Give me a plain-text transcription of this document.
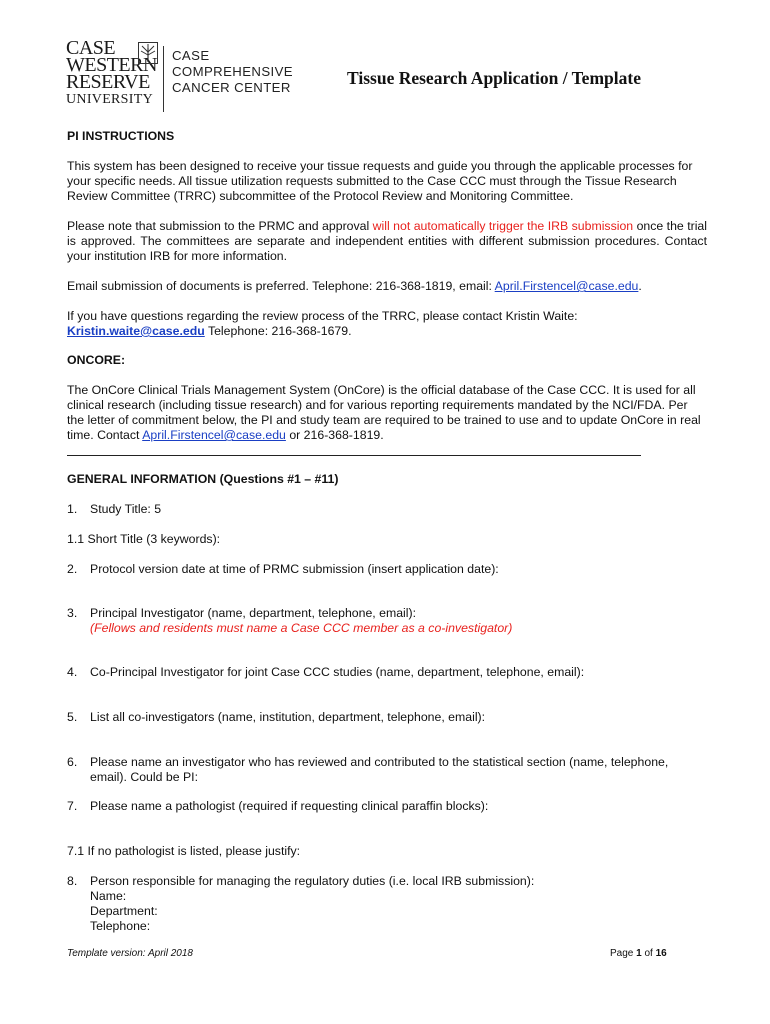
CASE
WESTERN
RESERVE
UNIVERSITY
CASE
COMPREHENSIVE
CANCER CENTER	Tissue Research Application / Template
PI INSTRUCTIONS
This system has been designed to receive your tissue requests and guide you through the applicable processes for your specific needs. All tissue utilization requests submitted to the Case CCC must through the Tissue Research Review Committee (TRRC) subcommittee of the Protocol Review and Monitoring Committee.
Please note that submission to the PRMC and approval will not automatically trigger the IRB submission once the trial is approved. The committees are separate and independent entities with different submission procedures. Contact your institution IRB for more information.
Email submission of documents is preferred. Telephone: 216-368-1819, email: April.Firstencel@case.edu.
If you have questions regarding the review process of the TRRC, please contact Kristin Waite: Kristin.waite@case.edu Telephone: 216-368-1679.
ONCORE:
The OnCore Clinical Trials Management System (OnCore) is the official database of the Case CCC. It is used for all clinical research (including tissue research) and for various reporting requirements mandated by the NCI/FDA. Per the letter of commitment below, the PI and study team are required to be trained to use and to update OnCore in real time. Contact April.Firstencel@case.edu or 216-368-1819.
GENERAL INFORMATION (Questions #1 – #11)
1.	Study Title: 5
1.1 Short Title (3 keywords):
2.	Protocol version date at time of PRMC submission (insert application date):
3.	Principal Investigator (name, department, telephone, email):
(Fellows and residents must name a Case CCC member as a co-investigator)
4.	Co-Principal Investigator for joint Case CCC studies (name, department, telephone, email):
5.	List all co-investigators (name, institution, department, telephone, email):
6.	Please name an investigator who has reviewed and contributed to the statistical section (name, telephone, email). Could be PI:
7.	Please name a pathologist (required if requesting clinical paraffin blocks):
7.1 If no pathologist is listed, please justify:
8.	Person responsible for managing the regulatory duties (i.e. local IRB submission):
Name:
Department:
Telephone:
Template version: April 2018	Page 1 of 16
